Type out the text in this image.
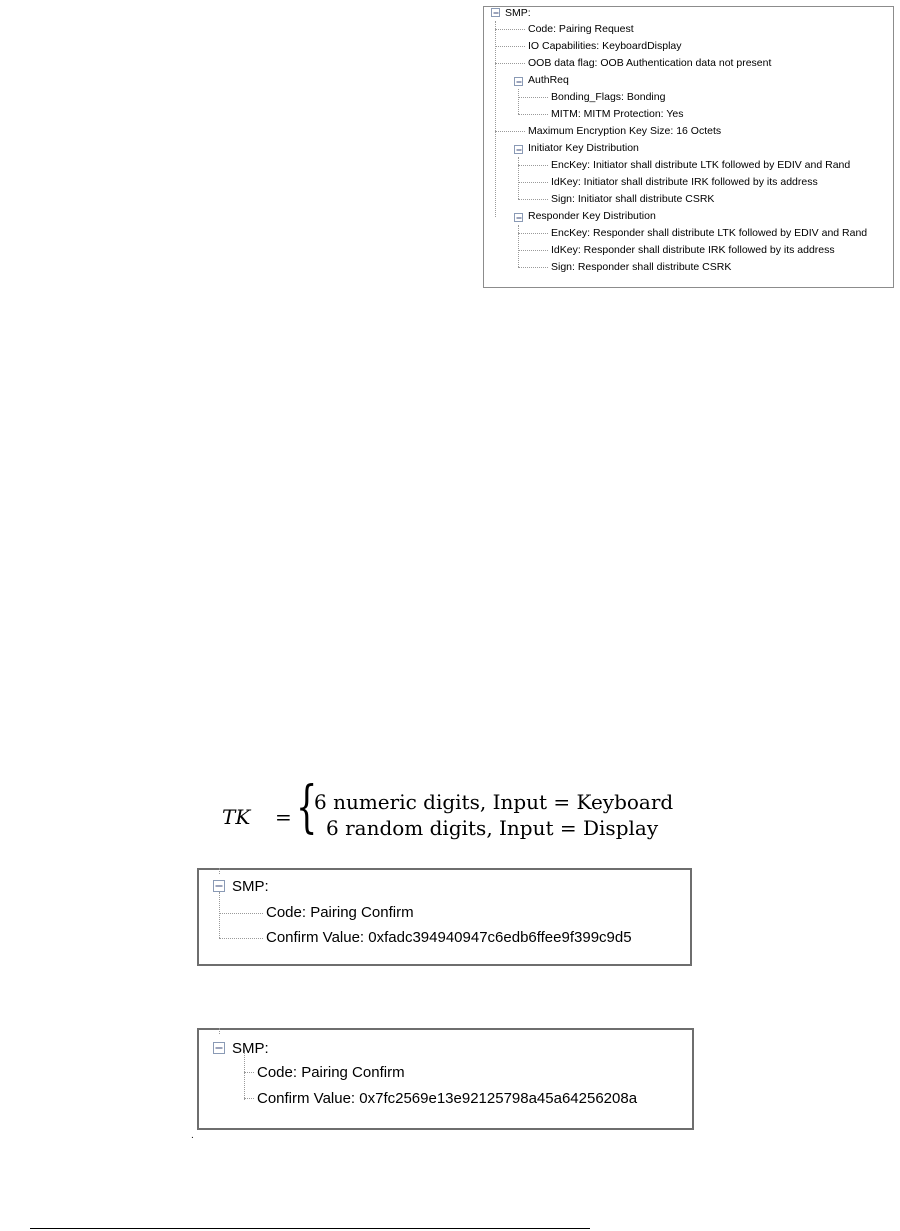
SMP:
Code: Pairing Request
IO Capabilities: KeyboardDisplay
OOB data flag: OOB Authentication data not present
AuthReq
Bonding_Flags: Bonding
MITM: MITM Protection: Yes
Maximum Encryption Key Size: 16 Octets
Initiator Key Distribution
EncKey: Initiator shall distribute LTK followed by EDIV and Rand
IdKey: Initiator shall distribute IRK followed by its address
Sign: Initiator shall distribute CSRK
Responder Key Distribution
EncKey: Responder shall distribute LTK followed by EDIV and Rand
IdKey: Responder shall distribute IRK followed by its address
Sign: Responder shall distribute CSRK
TK = {
6 numeric digits, Input = Keyboard
6 random digits, Input = Display
SMP:
Code: Pairing Confirm
Confirm Value: 0xfadc394940947c6edb6ffee9f399c9d5
SMP:
Code: Pairing Confirm
Confirm Value: 0x7fc2569e13e92125798a45a64256208a
.
